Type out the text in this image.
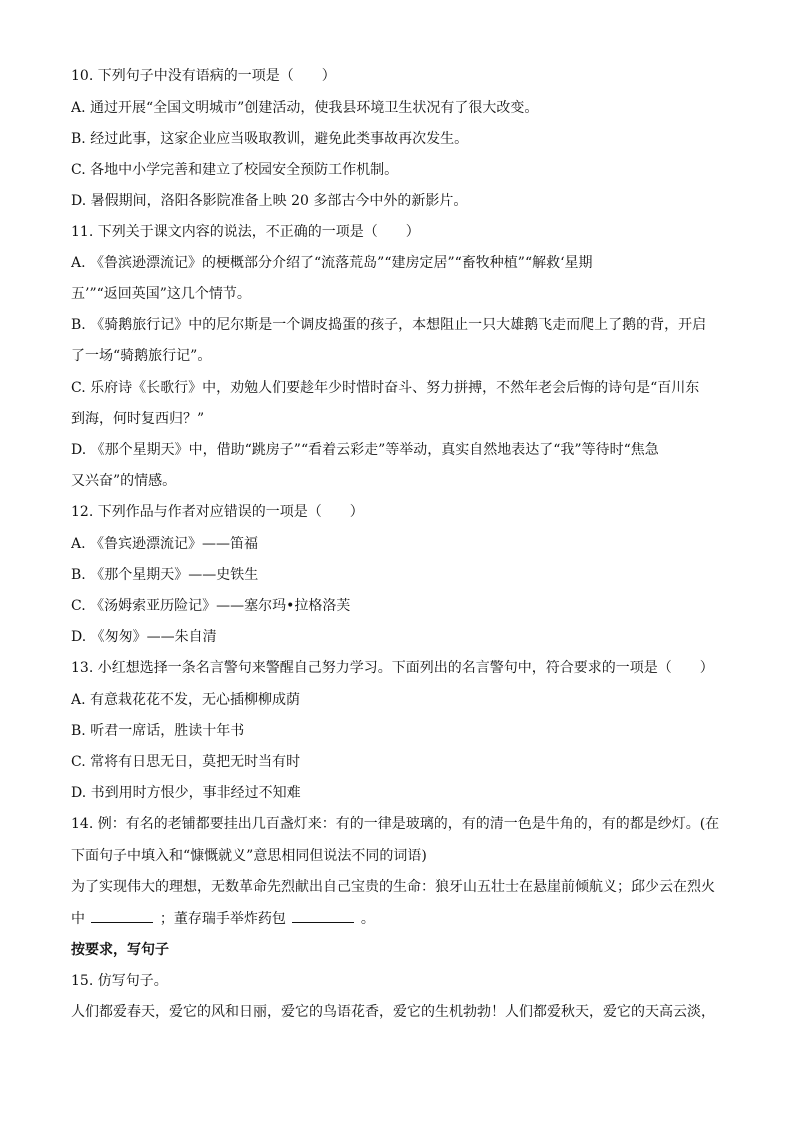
10. 下列句子中没有语病的一项是（　　）
A. 通过开展“全国文明城市”创建活动，使我县环境卫生状况有了很大改变。
B. 经过此事，这家企业应当吸取教训，避免此类事故再次发生。
C. 各地中小学完善和建立了校园安全预防工作机制。
D. 暑假期间，洛阳各影院准备上映 20 多部古今中外的新影片。
11. 下列关于课文内容的说法，不正确的一项是（　　）
A. 《鲁滨逊漂流记》的梗概部分介绍了“流落荒岛”“建房定居”“畜牧种植”“解救‘星期
五’”“返回英国”这几个情节。
B. 《骑鹅旅行记》中的尼尔斯是一个调皮捣蛋的孩子，本想阻止一只大雄鹅飞走而爬上了鹅的背，开启
了一场“骑鹅旅行记”。
C. 乐府诗《长歌行》中，劝勉人们要趁年少时惜时奋斗、努力拼搏，不然年老会后悔的诗句是“百川东
到海，何时复西归？”
D. 《那个星期天》中，借助“跳房子”“看着云彩走”等举动，真实自然地表达了“我”等待时“焦急
又兴奋”的情感。
12. 下列作品与作者对应错误的一项是（　　）
A. 《鲁宾逊漂流记》——笛福
B. 《那个星期天》——史铁生
C. 《汤姆索亚历险记》——塞尔玛•拉格洛芙
D. 《匆匆》——朱自清
13. 小红想选择一条名言警句来警醒自己努力学习。下面列出的名言警句中，符合要求的一项是（　　）
A. 有意栽花花不发，无心插柳柳成荫
B. 听君一席话，胜读十年书
C. 常将有日思无日，莫把无时当有时
D. 书到用时方恨少，事非经过不知难
14. 例：有名的老铺都要挂出几百盏灯来：有的一律是玻璃的，有的清一色是牛角的，有的都是纱灯。(在
下面句子中填入和“慷慨就义”意思相同但说法不同的词语)
为了实现伟大的理想，无数革命先烈献出自己宝贵的生命：狼牙山五壮士在悬崖前倾航义；邱少云在烈火
中	；董存瑞手举炸药包	。
按要求，写句子
15. 仿写句子。
人们都爱春天，爱它的风和日丽，爱它的鸟语花香，爱它的生机勃勃！人们都爱秋天，爱它的天高云淡，
